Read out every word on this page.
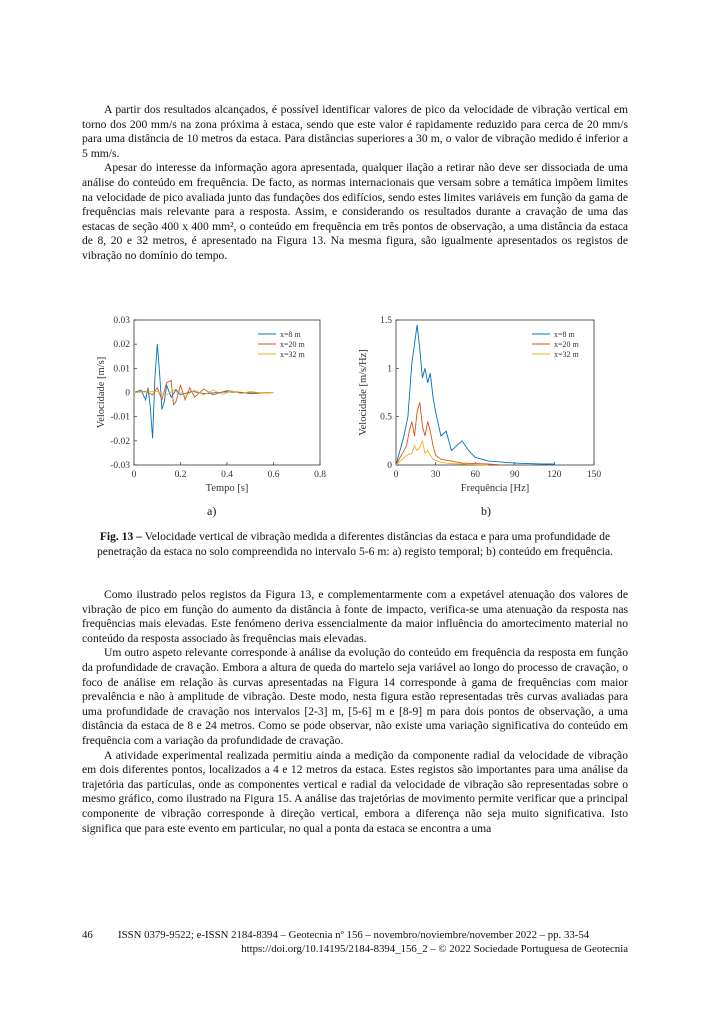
A partir dos resultados alcançados, é possível identificar valores de pico da velocidade de vibração vertical em torno dos 200 mm/s na zona próxima à estaca, sendo que este valor é rapidamente reduzido para cerca de 20 mm/s para uma distância de 10 metros da estaca. Para distâncias superiores a 30 m, o valor de vibração medido é inferior a 5 mm/s.

Apesar do interesse da informação agora apresentada, qualquer ilação a retirar não deve ser dissociada de uma análise do conteúdo em frequência. De facto, as normas internacionais que versam sobre a temática impõem limites na velocidade de pico avaliada junto das fundações dos edifícios, sendo estes limites variáveis em função da gama de frequências mais relevante para a resposta. Assim, e considerando os resultados durante a cravação de uma das estacas de seção 400 x 400 mm², o conteúdo em frequência em três pontos de observação, a uma distância da estaca de 8, 20 e 32 metros, é apresentado na Figura 13. Na mesma figura, são igualmente apresentados os registos de vibração no domínio do tempo.

0	0.2	0.4	0.6	0.8
0.03
0.02
0.01
0
-0.01
-0.02
-0.03
Tempo [s]
Velocidade [m/s]
x=8 m
x=20 m
x=32 m
0	30	60	90	120	150
1.5
1
0.5
0
Frequência [Hz]
Velocidade [m/s/Hz]
x=8 m
x=20 m
x=32 m
a)	b)
Fig. 13 – Velocidade vertical de vibração medida a diferentes distâncias da estaca e para uma profundidade de penetração da estaca no solo compreendida no intervalo 5-6 m: a) registo temporal; b) conteúdo em frequência.

Como ilustrado pelos registos da Figura 13, e complementarmente com a expetável atenuação dos valores de vibração de pico em função do aumento da distância à fonte de impacto, verifica-se uma atenuação da resposta nas frequências mais elevadas. Este fenómeno deriva essencialmente da maior influência do amortecimento material no conteúdo da resposta associado às frequências mais elevadas.

Um outro aspeto relevante corresponde à análise da evolução do conteúdo em frequência da resposta em função da profundidade de cravação. Embora a altura de queda do martelo seja variável ao longo do processo de cravação, o foco de análise em relação às curvas apresentadas na Figura 14 corresponde à gama de frequências com maior prevalência e não à amplitude de vibração. Deste modo, nesta figura estão representadas três curvas avaliadas para uma profundidade de cravação nos intervalos [2-3] m, [5-6] m e [8-9] m para dois pontos de observação, a uma distância da estaca de 8 e 24 metros. Como se pode observar, não existe uma variação significativa do conteúdo em frequência com a variação da profundidade de cravação.

A atividade experimental realizada permitiu ainda a medição da componente radial da velocidade de vibração em dois diferentes pontos, localizados a 4 e 12 metros da estaca. Estes registos são importantes para uma análise da trajetória das partículas, onde as componentes vertical e radial da velocidade de vibração são representadas sobre o mesmo gráfico, como ilustrado na Figura 15. A análise das trajetórias de movimento permite verificar que a principal componente de vibração corresponde à direção vertical, embora a diferença não seja muito significativa. Isto significa que para este evento em particular, no qual a ponta da estaca se encontra a uma

46	ISSN 0379-9522; e-ISSN 2184-8394 – Geotecnia nº 156 – novembro/noviembre/november 2022 – pp. 33-54
https://doi.org/10.14195/2184-8394_156_2 – © 2022 Sociedade Portuguesa de Geotecnia
